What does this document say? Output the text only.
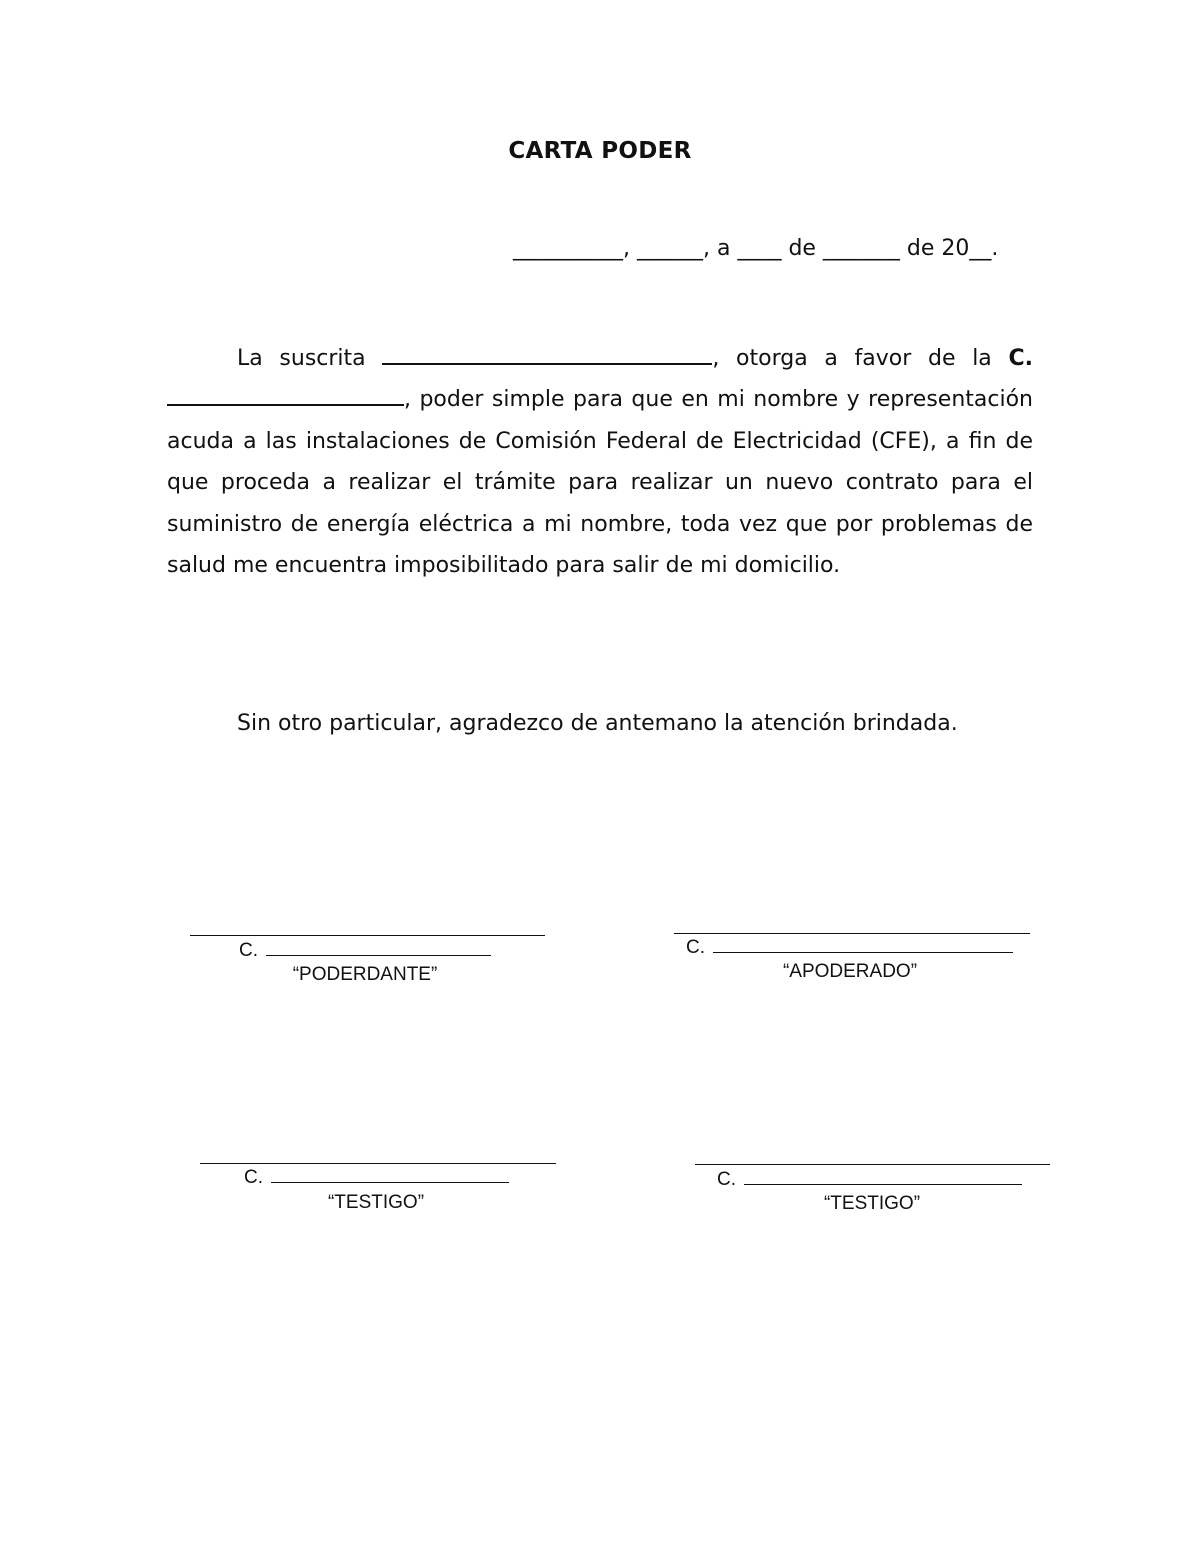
CARTA PODER
__________, ______, a ____ de _______ de 20__.
La suscrita	, otorga a favor de la C. , poder simple para que en mi nombre y representación acuda a las instalaciones de Comisión Federal de Electricidad (CFE), a fin de que proceda a realizar el trámite para realizar un nuevo contrato para el suministro de energía eléctrica a mi nombre, toda vez que por problemas de salud me encuentra imposibilitado para salir de mi domicilio.
Sin otro particular, agradezco de antemano la atención brindada.
C.
“PODERDANTE”
C.
“APODERADO”
C.
“TESTIGO”
C.
“TESTIGO”
